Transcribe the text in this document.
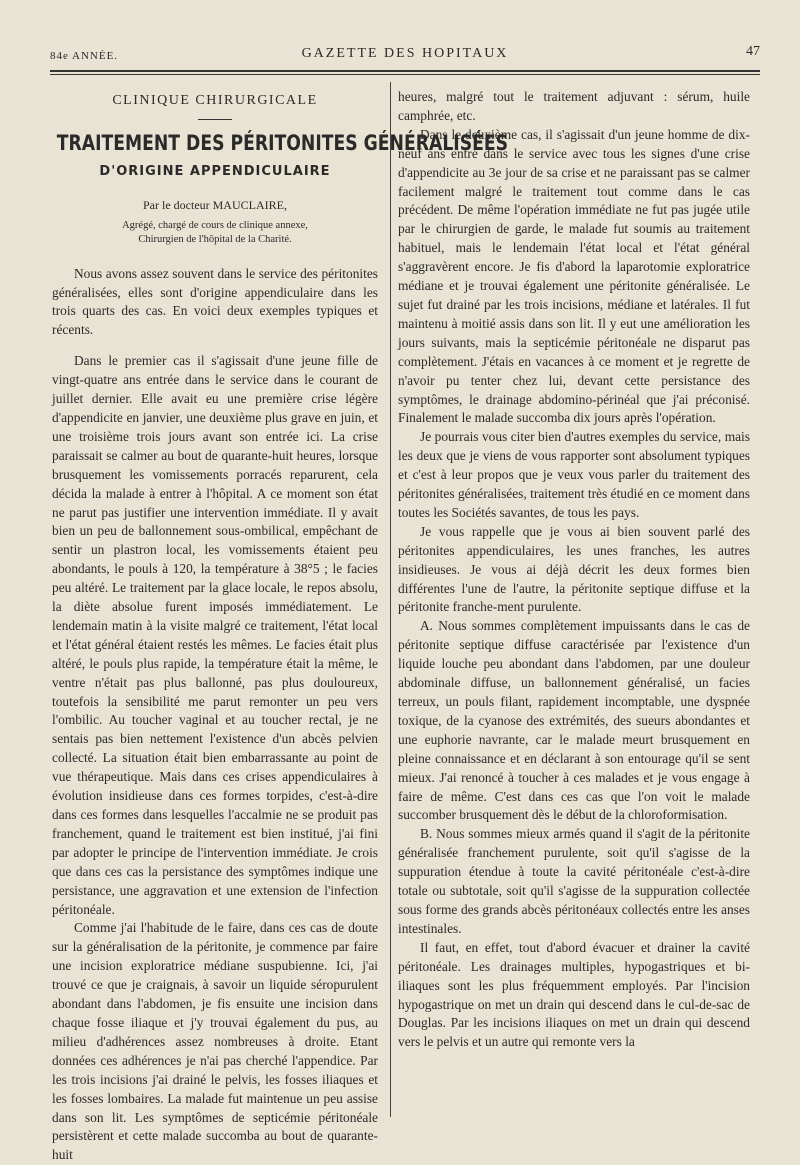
84e ANNÉE.	GAZETTE DES HOPITAUX	47
CLINIQUE CHIRURGICALE
TRAITEMENT DES PÉRITONITES GÉNÉRALISÉES
D'ORIGINE APPENDICULAIRE
Par le docteur MAUCLAIRE,
Agrégé, chargé de cours de clinique annexe,
Chirurgien de l'hôpital de la Charité.

Nous avons assez souvent dans le service des péritonites généralisées, elles sont d'origine appendiculaire dans les trois quarts des cas. En voici deux exemples typiques et récents.

Dans le premier cas il s'agissait d'une jeune fille de vingt-quatre ans entrée dans le service dans le courant de juillet dernier. Elle avait eu une première crise légère d'appendicite en janvier, une deuxième plus grave en juin, et une troisième trois jours avant son entrée ici. La crise paraissait se calmer au bout de quarante-huit heures, lorsque brusquement les vomissements porracés reparurent, cela décida la malade à entrer à l'hôpital. A ce moment son état ne parut pas justifier une intervention immédiate. Il y avait bien un peu de ballonnement sous-ombilical, empêchant de sentir un plastron local, les vomissements étaient peu abondants, le pouls à 120, la température à 38°5 ; le facies peu altéré. Le traitement par la glace locale, le repos absolu, la diète absolue furent imposés immédiatement. Le lendemain matin à la visite malgré ce traitement, l'état local et l'état général étaient restés les mêmes. Le facies était plus altéré, le pouls plus rapide, la température était la même, le ventre n'était pas plus ballonné, pas plus douloureux, toutefois la sensibilité me parut remonter un peu vers l'ombilic. Au toucher vaginal et au toucher rectal, je ne sentais pas bien nettement l'existence d'un abcès pelvien collecté. La situation était bien embarrassante au point de vue thérapeutique. Mais dans ces crises appendiculaires à évolution insidieuse dans ces formes torpides, c'est-à-dire dans ces formes dans lesquelles l'accalmie ne se produit pas franchement, quand le traitement est bien institué, j'ai fini par adopter le principe de l'intervention immédiate. Je crois que dans ces cas la persistance des symptômes indique une persistance, une aggravation et une extension de l'infection péritonéale.

Comme j'ai l'habitude de le faire, dans ces cas de doute sur la généralisation de la péritonite, je commence par faire une incision exploratrice médiane suspubienne. Ici, j'ai trouvé ce que je craignais, à savoir un liquide séropurulent abondant dans l'abdomen, je fis ensuite une incision dans chaque fosse iliaque et j'y trouvai également du pus, au milieu d'adhérences assez nombreuses à droite. Etant données ces adhérences je n'ai pas cherché l'appendice. Par les trois incisions j'ai drainé le pelvis, les fosses iliaques et les fosses lombaires. La malade fut maintenue un peu assise dans son lit. Les symptômes de septicémie péritonéale persistèrent et cette malade succomba au bout de quarante-huit

heures, malgré tout le traitement adjuvant : sérum, huile camphrée, etc.

Dans le deuxième cas, il s'agissait d'un jeune homme de dix-neuf ans entré dans le service avec tous les signes d'une crise d'appendicite au 3e jour de sa crise et ne paraissant pas se calmer facilement malgré le traitement tout comme dans le cas précédent. De même l'opération immédiate ne fut pas jugée utile par le chirurgien de garde, le malade fut soumis au traitement habituel, mais le lendemain l'état local et l'état général s'aggravèrent encore. Je fis d'abord la laparotomie exploratrice médiane et je trouvai également une péritonite généralisée. Le sujet fut drainé par les trois incisions, médiane et latérales. Il fut maintenu à moitié assis dans son lit. Il y eut une amélioration les jours suivants, mais la septicémie péritonéale ne disparut pas complètement. J'étais en vacances à ce moment et je regrette de n'avoir pu tenter chez lui, devant cette persistance des symptômes, le drainage abdomino-périnéal que j'ai préconisé. Finalement le malade succomba dix jours après l'opération.

Je pourrais vous citer bien d'autres exemples du service, mais les deux que je viens de vous rapporter sont absolument typiques et c'est à leur propos que je veux vous parler du traitement des péritonites généralisées, traitement très étudié en ce moment dans toutes les Sociétés savantes, de tous les pays.

Je vous rappelle que je vous ai bien souvent parlé des péritonites appendiculaires, les unes franches, les autres insidieuses. Je vous ai déjà décrit les deux formes bien différentes l'une de l'autre, la péritonite septique diffuse et la péritonite franche-ment purulente.

A. Nous sommes complètement impuissants dans le cas de péritonite septique diffuse caractérisée par l'existence d'un liquide louche peu abondant dans l'abdomen, par une douleur abdominale diffuse, un ballonnement généralisé, un facies terreux, un pouls filant, rapidement incomptable, une dyspnée toxique, de la cyanose des extrémités, des sueurs abondantes et une euphorie navrante, car le malade meurt brusquement en pleine connaissance et en déclarant à son entourage qu'il se sent mieux. J'ai renoncé à toucher à ces malades et je vous engage à faire de même. C'est dans ces cas que l'on voit le malade succomber brusquement dès le début de la chloroformisation.

B. Nous sommes mieux armés quand il s'agit de la péritonite généralisée franchement purulente, soit qu'il s'agisse de la suppuration étendue à toute la cavité péritonéale c'est-à-dire totale ou subtotale, soit qu'il s'agisse de la suppuration collectée sous forme des grands abcès péritonéaux collectés entre les anses intestinales.

Il faut, en effet, tout d'abord évacuer et drainer la cavité péritonéale. Les drainages multiples, hypogastriques et bi-iliaques sont les plus fréquemment employés. Par l'incision hypogastrique on met un drain qui descend dans le cul-de-sac de Douglas. Par les incisions iliaques on met un drain qui descend vers le pelvis et un autre qui remonte vers la
